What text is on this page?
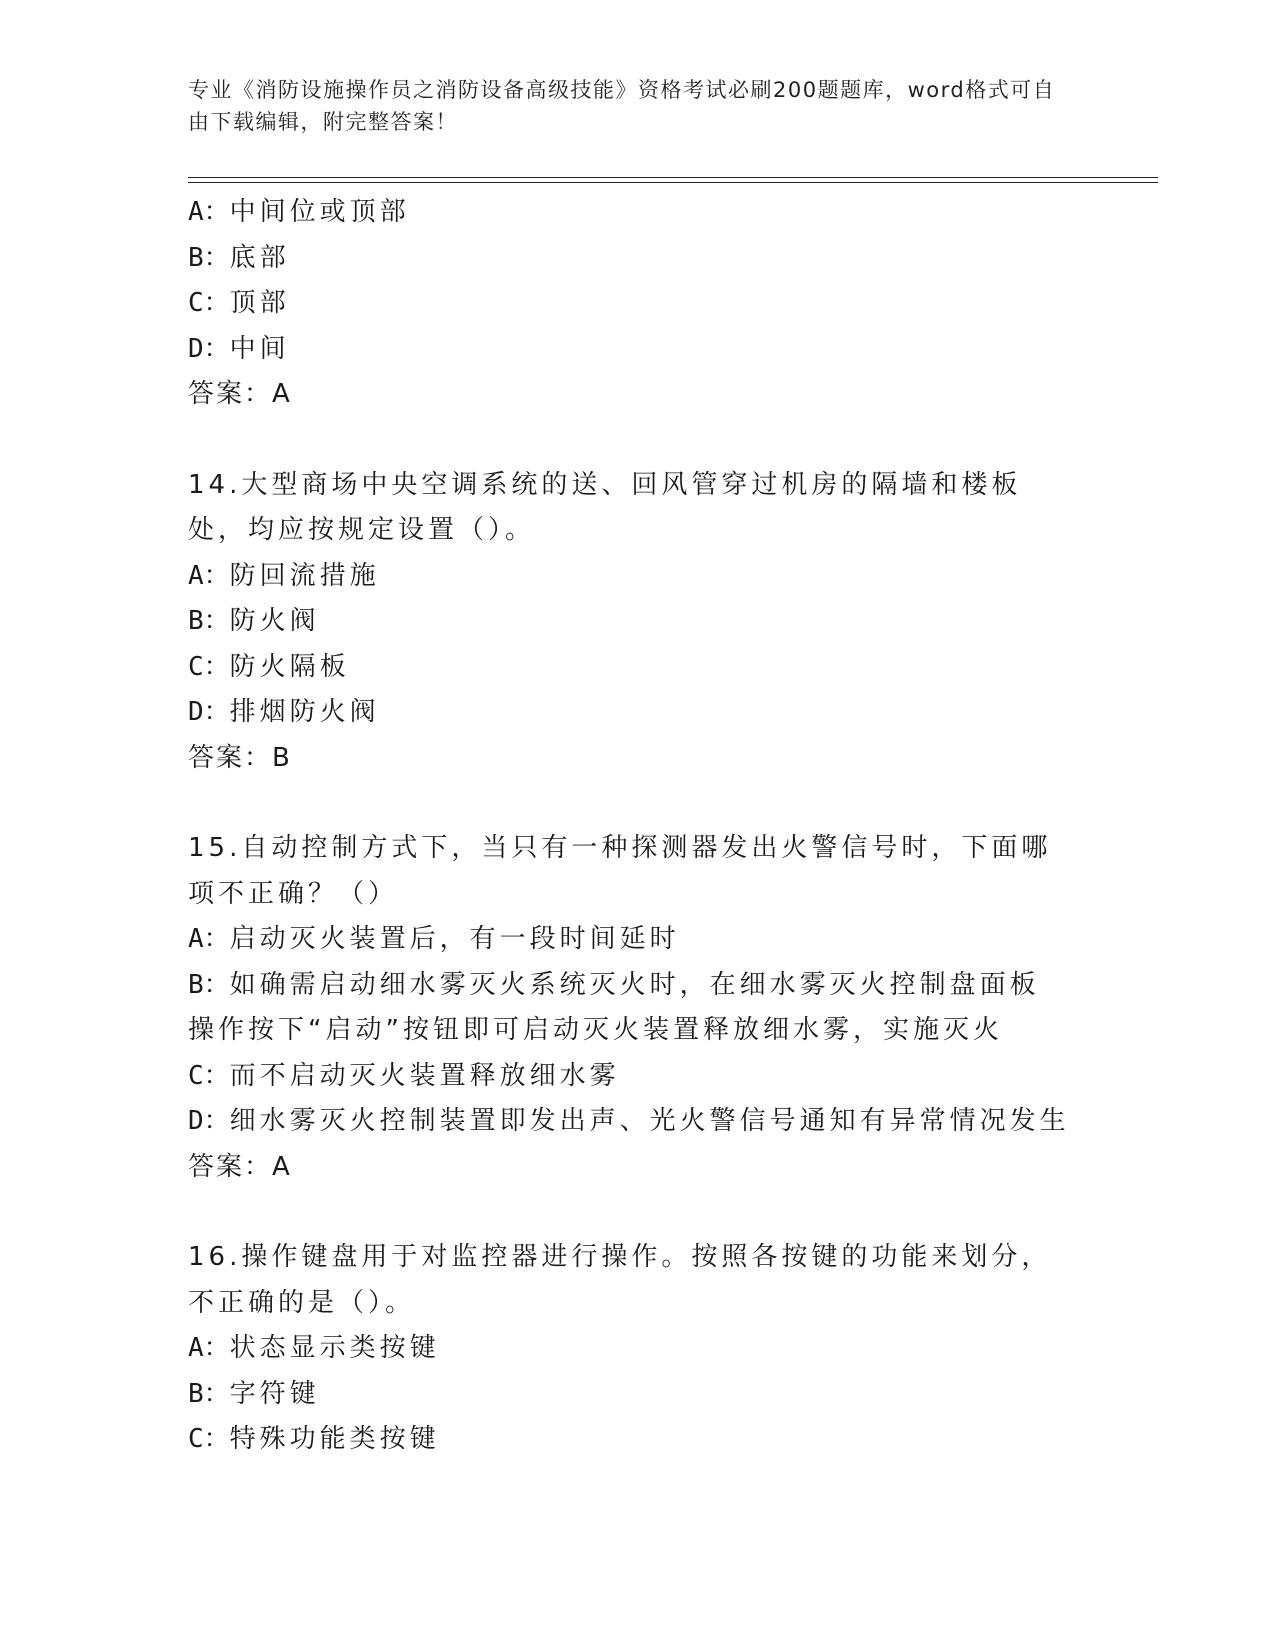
专业《消防设施操作员之消防设备高级技能》资格考试必刷200题题库，word格式可自由下载编辑，附完整答案！
A：中间位或顶部
B：底部
C：顶部
D：中间
答案：A
14.大型商场中央空调系统的送、回风管穿过机房的隔墙和楼板处，均应按规定设置（）。
A：防回流措施
B：防火阀
C：防火隔板
D：排烟防火阀
答案：B
15.自动控制方式下，当只有一种探测器发出火警信号时，下面哪项不正确？（）
A：启动灭火装置后，有一段时间延时
B：如确需启动细水雾灭火系统灭火时，在细水雾灭火控制盘面板操作按下“启动”按钮即可启动灭火装置释放细水雾，实施灭火
C：而不启动灭火装置释放细水雾
D：细水雾灭火控制装置即发出声、光火警信号通知有异常情况发生
答案：A
16.操作键盘用于对监控器进行操作。按照各按键的功能来划分，不正确的是（）。
A：状态显示类按键
B：字符键
C：特殊功能类按键
